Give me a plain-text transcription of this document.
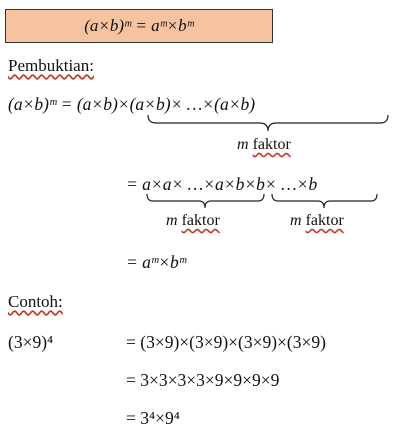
(a×b)ᵐ = aᵐ×bᵐ
Pembuktian:
(a×b)ᵐ = (a×b)×(a×b)× …×(a×b)
m faktor
= a×a× …×a×b×b× …×b
m faktor	m faktor
= aᵐ×bᵐ
Contoh:
(3×9)⁴	= (3×9)×(3×9)×(3×9)×(3×9)
= 3×3×3×3×9×9×9×9
= 3⁴×9⁴
